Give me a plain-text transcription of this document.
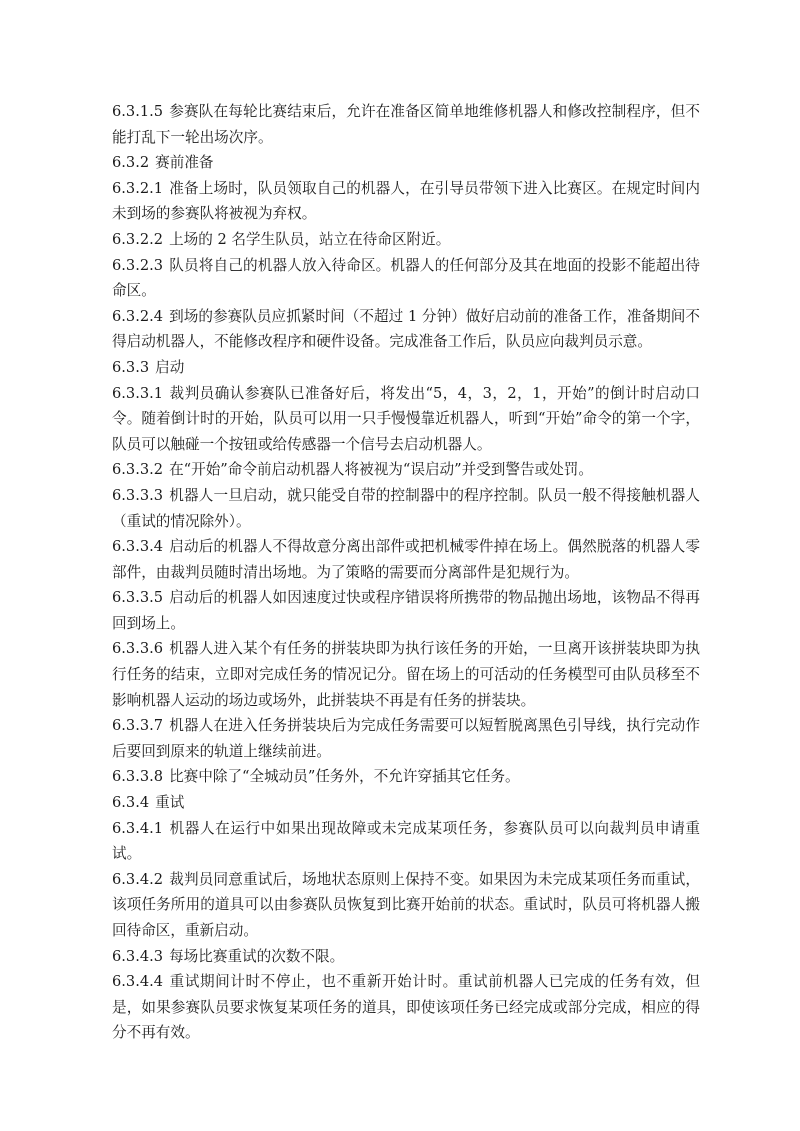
6.3.1.5 参赛队在每轮比赛结束后，允许在准备区简单地维修机器人和修改控制程序，但不能打乱下一轮出场次序。

6.3.2 赛前准备

6.3.2.1 准备上场时，队员领取自己的机器人，在引导员带领下进入比赛区。在规定时间内未到场的参赛队将被视为弃权。

6.3.2.2 上场的 2 名学生队员，站立在待命区附近。

6.3.2.3 队员将自己的机器人放入待命区。机器人的任何部分及其在地面的投影不能超出待命区。

6.3.2.4 到场的参赛队员应抓紧时间（不超过 1 分钟）做好启动前的准备工作，准备期间不得启动机器人，不能修改程序和硬件设备。完成准备工作后，队员应向裁判员示意。

6.3.3 启动

6.3.3.1 裁判员确认参赛队已准备好后，将发出“5，4，3，2，1，开始”的倒计时启动口令。随着倒计时的开始，队员可以用一只手慢慢靠近机器人，听到“开始”命令的第一个字，队员可以触碰一个按钮或给传感器一个信号去启动机器人。

6.3.3.2 在“开始”命令前启动机器人将被视为“误启动”并受到警告或处罚。

6.3.3.3 机器人一旦启动，就只能受自带的控制器中的程序控制。队员一般不得接触机器人（重试的情况除外）。

6.3.3.4 启动后的机器人不得故意分离出部件或把机械零件掉在场上。偶然脱落的机器人零部件，由裁判员随时清出场地。为了策略的需要而分离部件是犯规行为。

6.3.3.5 启动后的机器人如因速度过快或程序错误将所携带的物品抛出场地，该物品不得再回到场上。

6.3.3.6 机器人进入某个有任务的拼装块即为执行该任务的开始，一旦离开该拼装块即为执行任务的结束，立即对完成任务的情况记分。留在场上的可活动的任务模型可由队员移至不影响机器人运动的场边或场外，此拼装块不再是有任务的拼装块。

6.3.3.7 机器人在进入任务拼装块后为完成任务需要可以短暂脱离黑色引导线，执行完动作后要回到原来的轨道上继续前进。

6.3.3.8 比赛中除了“全城动员”任务外，不允许穿插其它任务。

6.3.4 重试

6.3.4.1 机器人在运行中如果出现故障或未完成某项任务，参赛队员可以向裁判员申请重试。

6.3.4.2 裁判员同意重试后，场地状态原则上保持不变。如果因为未完成某项任务而重试，该项任务所用的道具可以由参赛队员恢复到比赛开始前的状态。重试时，队员可将机器人搬回待命区，重新启动。

6.3.4.3 每场比赛重试的次数不限。

6.3.4.4 重试期间计时不停止，也不重新开始计时。重试前机器人已完成的任务有效，但是，如果参赛队员要求恢复某项任务的道具，即使该项任务已经完成或部分完成，相应的得分不再有效。
